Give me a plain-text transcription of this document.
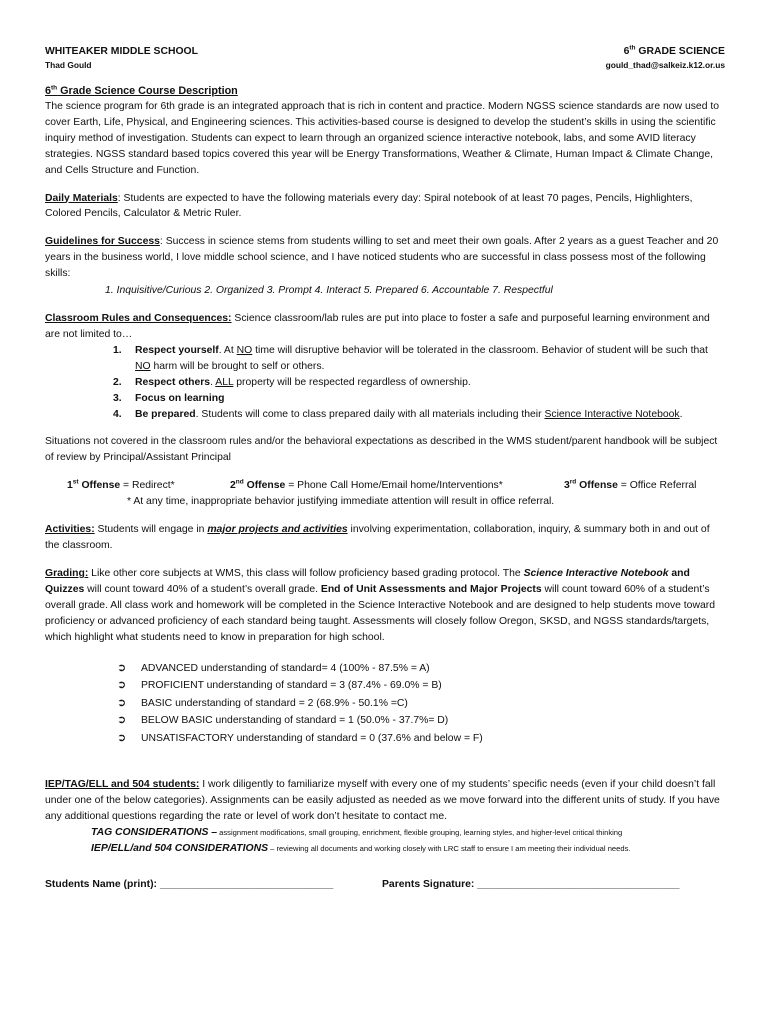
WHITEAKER MIDDLE SCHOOL	6th GRADE SCIENCE
Thad Gould	gould_thad@salkeiz.k12.or.us
6th Grade Science Course Description

The science program for 6th grade is an integrated approach that is rich in content and practice. Modern NGSS science standards are now used to cover Earth, Life, Physical, and Engineering sciences. This activities-based course is designed to develop the student’s skills in using the scientific inquiry method of investigation. Students can expect to learn through an organized science interactive notebook, labs, and some AVID literacy strategies. NGSS standard based topics covered this year will be Energy Transformations, Weather & Climate, Human Impact & Climate Change, and Cells Structure and Function.

Daily Materials: Students are expected to have the following materials every day: Spiral notebook of at least 70 pages, Pencils, Highlighters, Colored Pencils, Calculator & Metric Ruler.

Guidelines for Success: Success in science stems from students willing to set and meet their own goals. After 2 years as a guest Teacher and 20 years in the business world, I love middle school science, and I have noticed students who are successful in class possess most of the following skills:

1. Inquisitive/Curious 2. Organized 3. Prompt 4. Interact 5. Prepared 6. Accountable 7. Respectful

Classroom Rules and Consequences: Science classroom/lab rules are put into place to foster a safe and purposeful learning environment and are not limited to…

1.	Respect yourself. At NO time will disruptive behavior will be tolerated in the classroom. Behavior of student will be such that NO harm will be brought to self or others.
2.	Respect others. ALL property will be respected regardless of ownership.
3.	Focus on learning
4.	Be prepared. Students will come to class prepared daily with all materials including their Science Interactive Notebook.

Situations not covered in the classroom rules and/or the behavioral expectations as described in the WMS student/parent handbook will be subject of review by Principal/Assistant Principal

1st Offense = Redirect*	2nd Offense = Phone Call Home/Email home/Interventions*	3rd Offense = Office Referral
* At any time, inappropriate behavior justifying immediate attention will result in office referral.

Activities: Students will engage in major projects and activities involving experimentation, collaboration, inquiry, & summary both in and out of the classroom.

Grading: Like other core subjects at WMS, this class will follow proficiency based grading protocol. The Science Interactive Notebook and Quizzes will count toward 40% of a student’s overall grade. End of Unit Assessments and Major Projects will count toward 60% of a student’s overall grade. All class work and homework will be completed in the Science Interactive Notebook and are designed to help students move toward proficiency or advanced proficiency of each standard being taught. Assessments will closely follow Oregon, SKSD, and NGSS standards/targets, which highlight what students need to know in preparation for high school.

➲	ADVANCED understanding of standard= 4 (100% - 87.5% = A)
➲	PROFICIENT understanding of standard = 3 (87.4% - 69.0% = B)
➲	BASIC understanding of standard = 2 (68.9% - 50.1% =C)
➲	BELOW BASIC understanding of standard = 1 (50.0% - 37.7%= D)
➲	UNSATISFACTORY understanding of standard = 0 (37.6% and below = F)

IEP/TAG/ELL and 504 students: I work diligently to familiarize myself with every one of my students’ specific needs (even if your child doesn’t fall under one of the below categories). Assignments can be easily adjusted as needed as we move forward into the different units of study. If you have any additional questions regarding the rate or level of work don’t hesitate to contact me.

TAG CONSIDERATIONS – assignment modifications, small grouping, enrichment, flexible grouping, learning styles, and higher-level critical thinking
IEP/ELL/and 504 CONSIDERATIONS – reviewing all documents and working closely with LRC staff to ensure I am meeting their individual needs.
Students Name (print): ______________________________	Parents Signature: ___________________________________
